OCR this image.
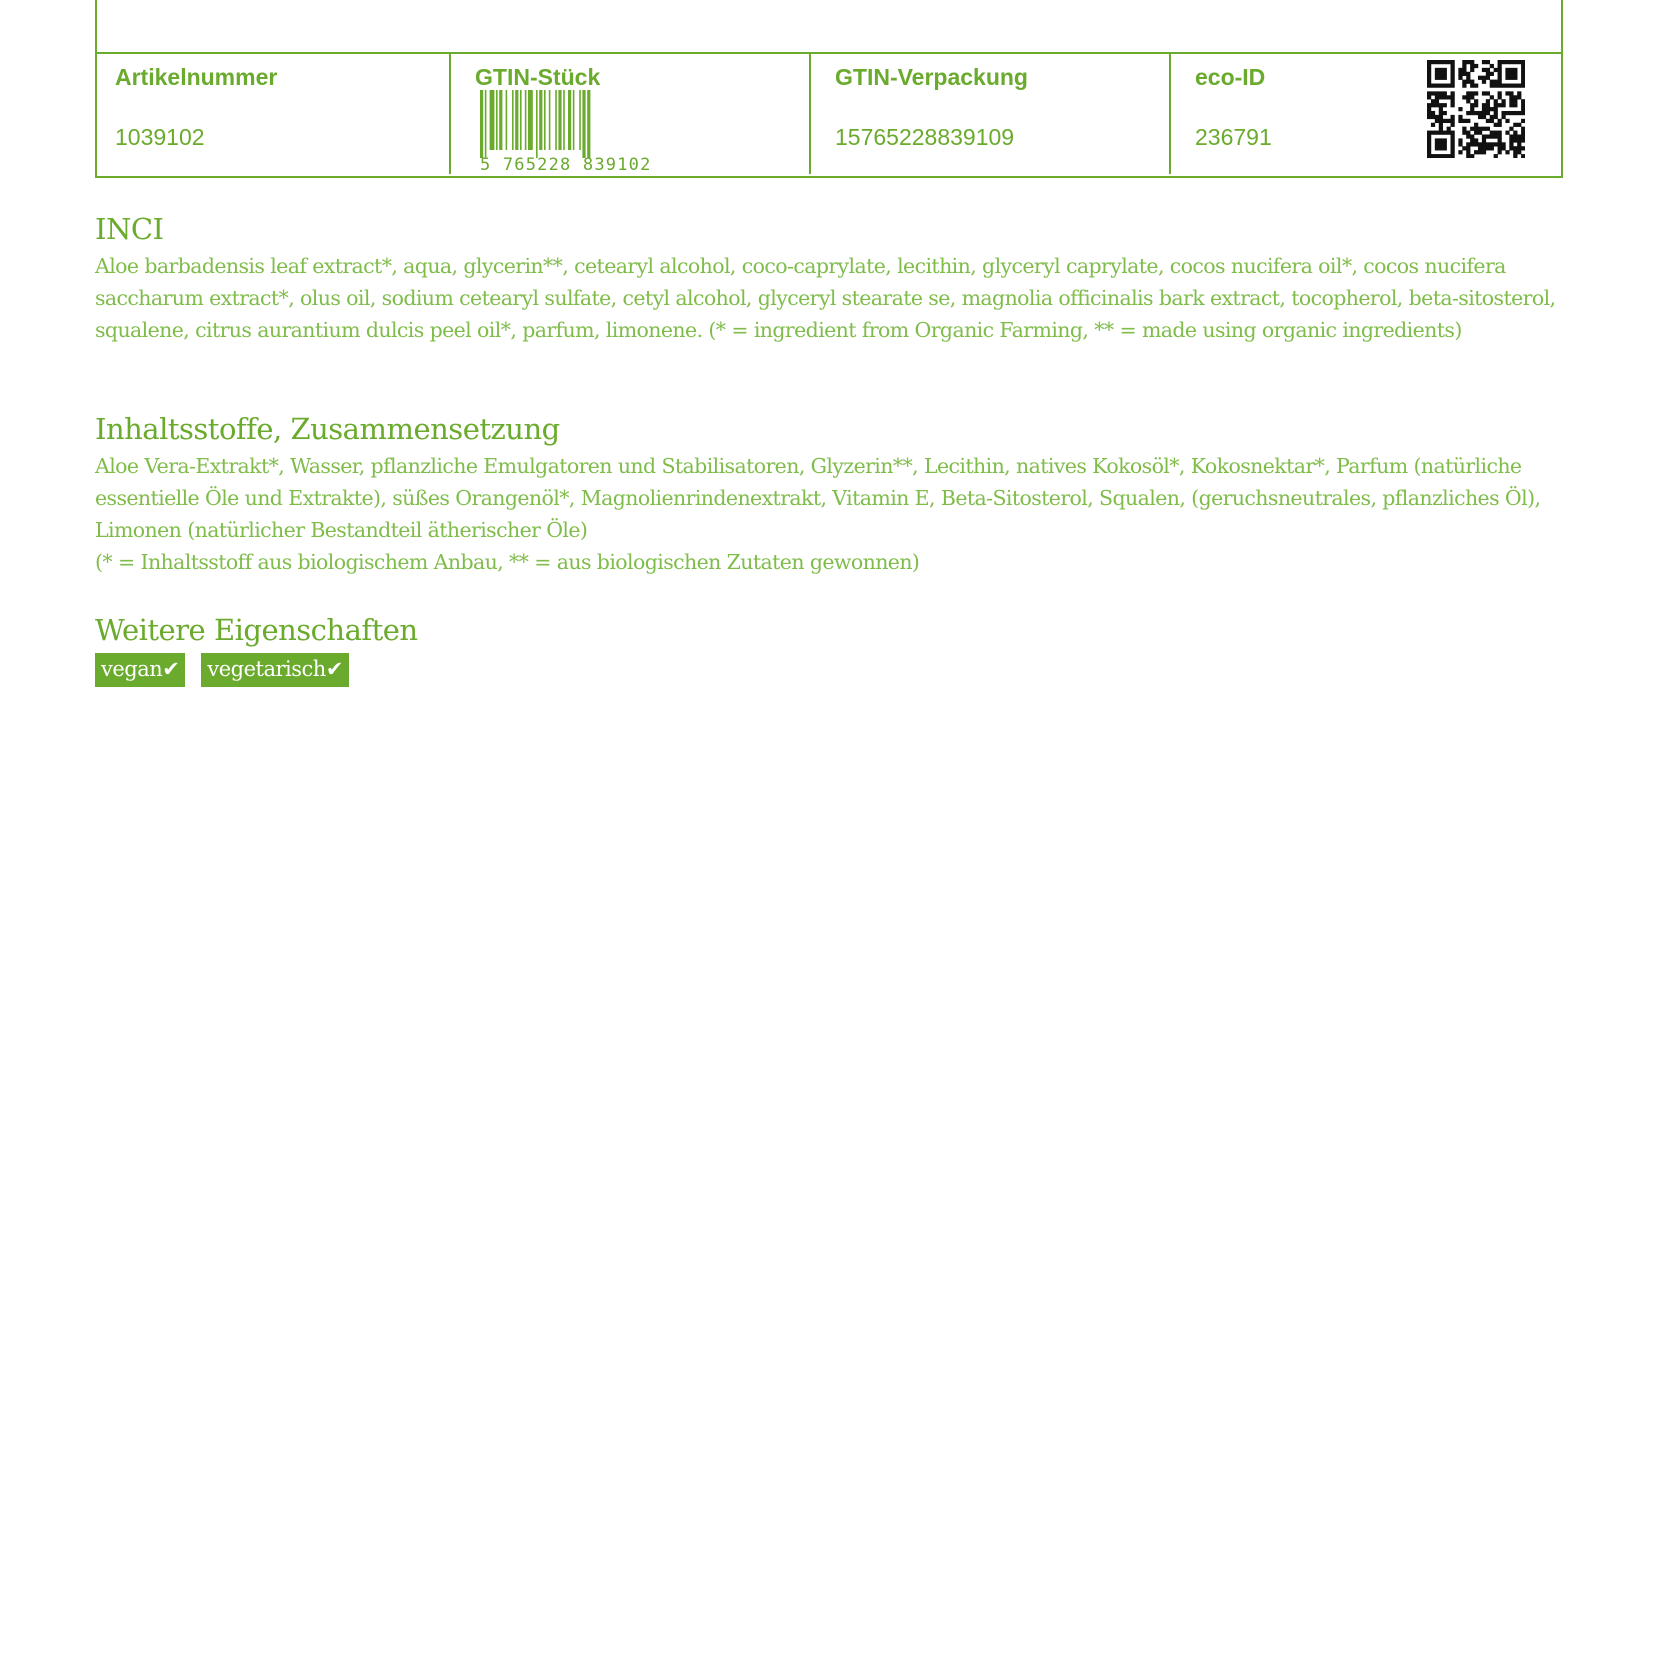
Artikelnummer
1039102
GTIN-Stück
5 765228 839102
GTIN-Verpackung
15765228839109
eco-ID
236791
INCI

Aloe barbadensis leaf extract*, aqua, glycerin**, cetearyl alcohol, coco-caprylate, lecithin, glyceryl caprylate, cocos nucifera oil*, cocos nucifera saccharum extract*, olus oil, sodium cetearyl sulfate, cetyl alcohol, glyceryl stearate se, magnolia officinalis bark extract, tocopherol, beta-sitosterol, squalene, citrus aurantium dulcis peel oil*, parfum, limonene. (* = ingredient from Organic Farming, ** = made using organic ingredients)

Inhaltsstoffe, Zusammensetzung

Aloe Vera-Extrakt*, Wasser, pflanzliche Emulgatoren und Stabilisatoren, Glyzerin**, Lecithin, natives Kokosöl*, Kokosnektar*, Parfum (natürliche essentielle Öle und Extrakte), süßes Orangenöl*, Magnolienrindenextrakt, Vitamin E, Beta-Sitosterol, Squalen, (geruchsneutrales, pflanzliches Öl), Limonen (natürlicher Bestandteil ätherischer Öle)

(* = Inhaltsstoff aus biologischem Anbau, ** = aus biologischen Zutaten gewonnen)

Weitere Eigenschaften
vegan✔ vegetarisch✔
